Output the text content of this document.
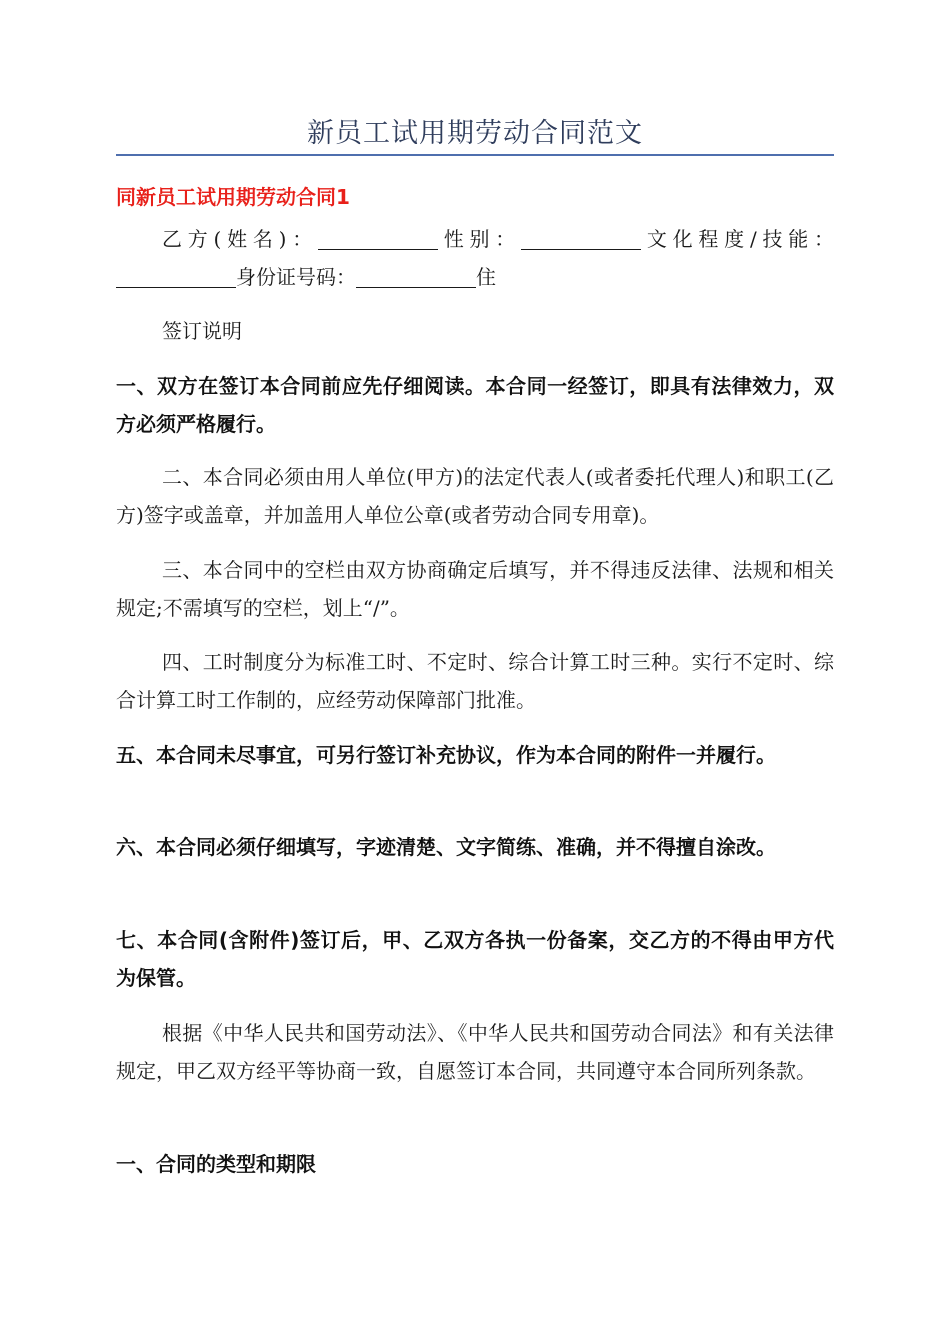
新员工试用期劳动合同范文
同新员工试用期劳动合同1

乙方(姓名)：	性别：	文化程度/技能：身份证号码：	住

签订说明

一、双方在签订本合同前应先仔细阅读。本合同一经签订，即具有法律效力，双方必须严格履行。

二、本合同必须由用人单位(甲方)的法定代表人(或者委托代理人)和职工(乙方)签字或盖章，并加盖用人单位公章(或者劳动合同专用章)。

三、本合同中的空栏由双方协商确定后填写，并不得违反法律、法规和相关规定;不需填写的空栏，划上“/”。

四、工时制度分为标准工时、不定时、综合计算工时三种。实行不定时、综合计算工时工作制的，应经劳动保障部门批准。

五、本合同未尽事宜，可另行签订补充协议，作为本合同的附件一并履行。

六、本合同必须仔细填写，字迹清楚、文字简练、准确，并不得擅自涂改。

七、本合同(含附件)签订后，甲、乙双方各执一份备案，交乙方的不得由甲方代为保管。

根据《中华人民共和国劳动法》、《中华人民共和国劳动合同法》和有关法律规定，甲乙双方经平等协商一致，自愿签订本合同，共同遵守本合同所列条款。

一、合同的类型和期限
